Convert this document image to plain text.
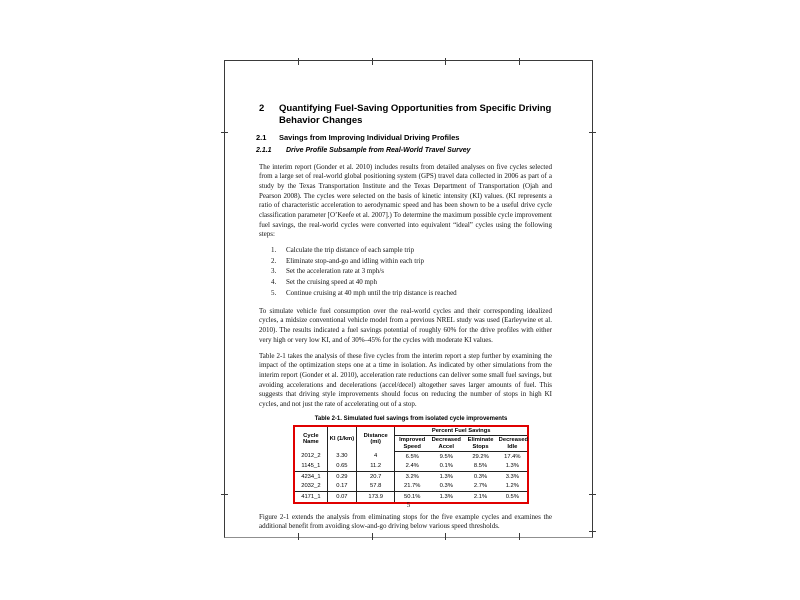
2	Quantifying Fuel-Saving Opportunities from Specific Driving Behavior Changes
2.1	Savings from Improving Individual Driving Profiles
2.1.1	Drive Profile Subsample from Real-World Travel Survey

The interim report (Gonder et al. 2010) includes results from detailed analyses on five cycles selected from a large set of real-world global positioning system (GPS) travel data collected in 2006 as part of a study by the Texas Transportation Institute and the Texas Department of Transportation (Ojah and Pearson 2008). The cycles were selected on the basis of kinetic intensity (KI) values. (KI represents a ratio of characteristic acceleration to aerodynamic speed and has been shown to be a useful drive cycle classification parameter [O’Keefe et al. 2007].) To determine the maximum possible cycle improvement fuel savings, the real-world cycles were converted into equivalent “ideal” cycles using the following steps:

1.	Calculate the trip distance of each sample trip
2.	Eliminate stop-and-go and idling within each trip
3.	Set the acceleration rate at 3 mph/s
4.	Set the cruising speed at 40 mph
5.	Continue cruising at 40 mph until the trip distance is reached

To simulate vehicle fuel consumption over the real-world cycles and their corresponding idealized cycles, a midsize conventional vehicle model from a previous NREL study was used (Earleywine et al. 2010). The results indicated a fuel savings potential of roughly 60% for the drive profiles with either very high or very low KI, and of 30%–45% for the cycles with moderate KI values.

Table 2-1 takes the analysis of these five cycles from the interim report a step further by examining the impact of the optimization steps one at a time in isolation. As indicated by other simulations from the interim report (Gonder et al. 2010), acceleration rate reductions can deliver some small fuel savings, but avoiding accelerations and decelerations (accel/decel) altogether saves larger amounts of fuel. This suggests that driving style improvements should focus on reducing the number of stops in high KI cycles, and not just the rate of accelerating out of a stop.

Table 2-1. Simulated fuel savings from isolated cycle improvements
Cycle Name	KI (1/km)	Distance (mi)	Percent Fuel Savings			
			Improved Speed	Decreased Accel	Eliminate Stops	Decreased Idle
2012_2	3.30	4	6.5%	9.5%	29.2%	17.4%
1145_1	0.65	11.2	2.4%	0.1%	8.5%	1.3%
4234_1	0.29	20.7	3.2%	1.3%	0.3%	3.3%
2032_2	0.17	57.8	21.7%	0.3%	2.7%	1.2%
4171_1	0.07	173.9	50.1%	1.3%	2.1%	0.5%

Figure 2-1 extends the analysis from eliminating stops for the five example cycles and examines the additional benefit from avoiding slow-and-go driving below various speed thresholds.

5
